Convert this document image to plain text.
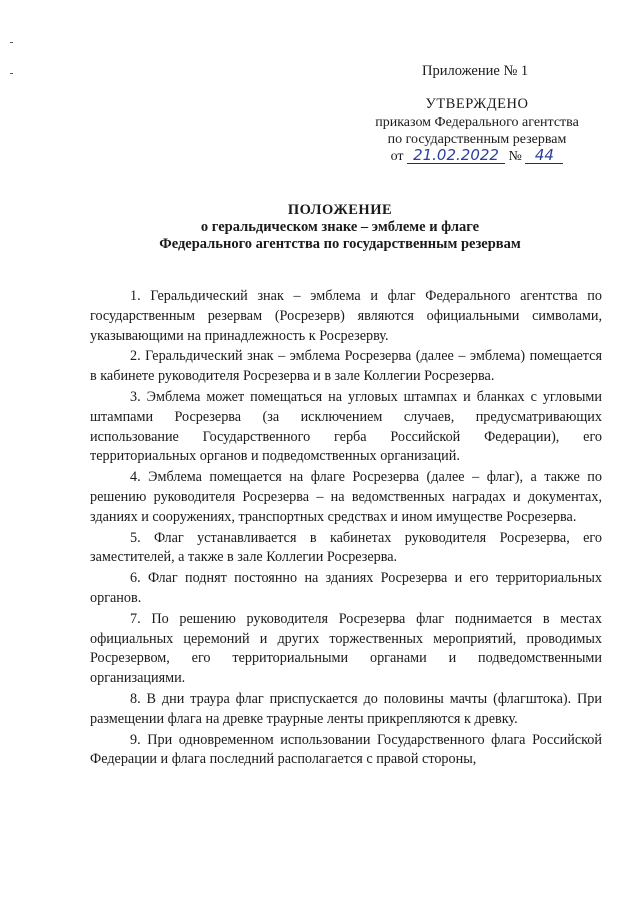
Приложение № 1
УТВЕРЖДЕНО
приказом Федерального агентства
по государственным резервам
от 21.02.2022 № 44
ПОЛОЖЕНИЕ
о геральдическом знаке – эмблеме и флаге
Федерального агентства по государственным резервам

1. Геральдический знак – эмблема и флаг Федерального агентства по государственным резервам (Росрезерв) являются официальными символами, указывающими на принадлежность к Росрезерву.

2. Геральдический знак – эмблема Росрезерва (далее – эмблема) помещается в кабинете руководителя Росрезерва и в зале Коллегии Росрезерва.

3. Эмблема может помещаться на угловых штампах и бланках с угловыми штампами Росрезерва (за исключением случаев, предусматривающих использование Государственного герба Российской Федерации), его территориальных органов и подведомственных организаций.

4. Эмблема помещается на флаге Росрезерва (далее – флаг), а также по решению руководителя Росрезерва – на ведомственных наградах и документах, зданиях и сооружениях, транспортных средствах и ином имуществе Росрезерва.

5. Флаг устанавливается в кабинетах руководителя Росрезерва, его заместителей, а также в зале Коллегии Росрезерва.

6. Флаг поднят постоянно на зданиях Росрезерва и его территориальных органов.

7. По решению руководителя Росрезерва флаг поднимается в местах официальных церемоний и других торжественных мероприятий, проводимых Росрезервом, его территориальными органами и подведомственными организациями.

8. В дни траура флаг приспускается до половины мачты (флагштока). При размещении флага на древке траурные ленты прикрепляются к древку.

9. При одновременном использовании Государственного флага Российской Федерации и флага последний располагается с правой стороны,
